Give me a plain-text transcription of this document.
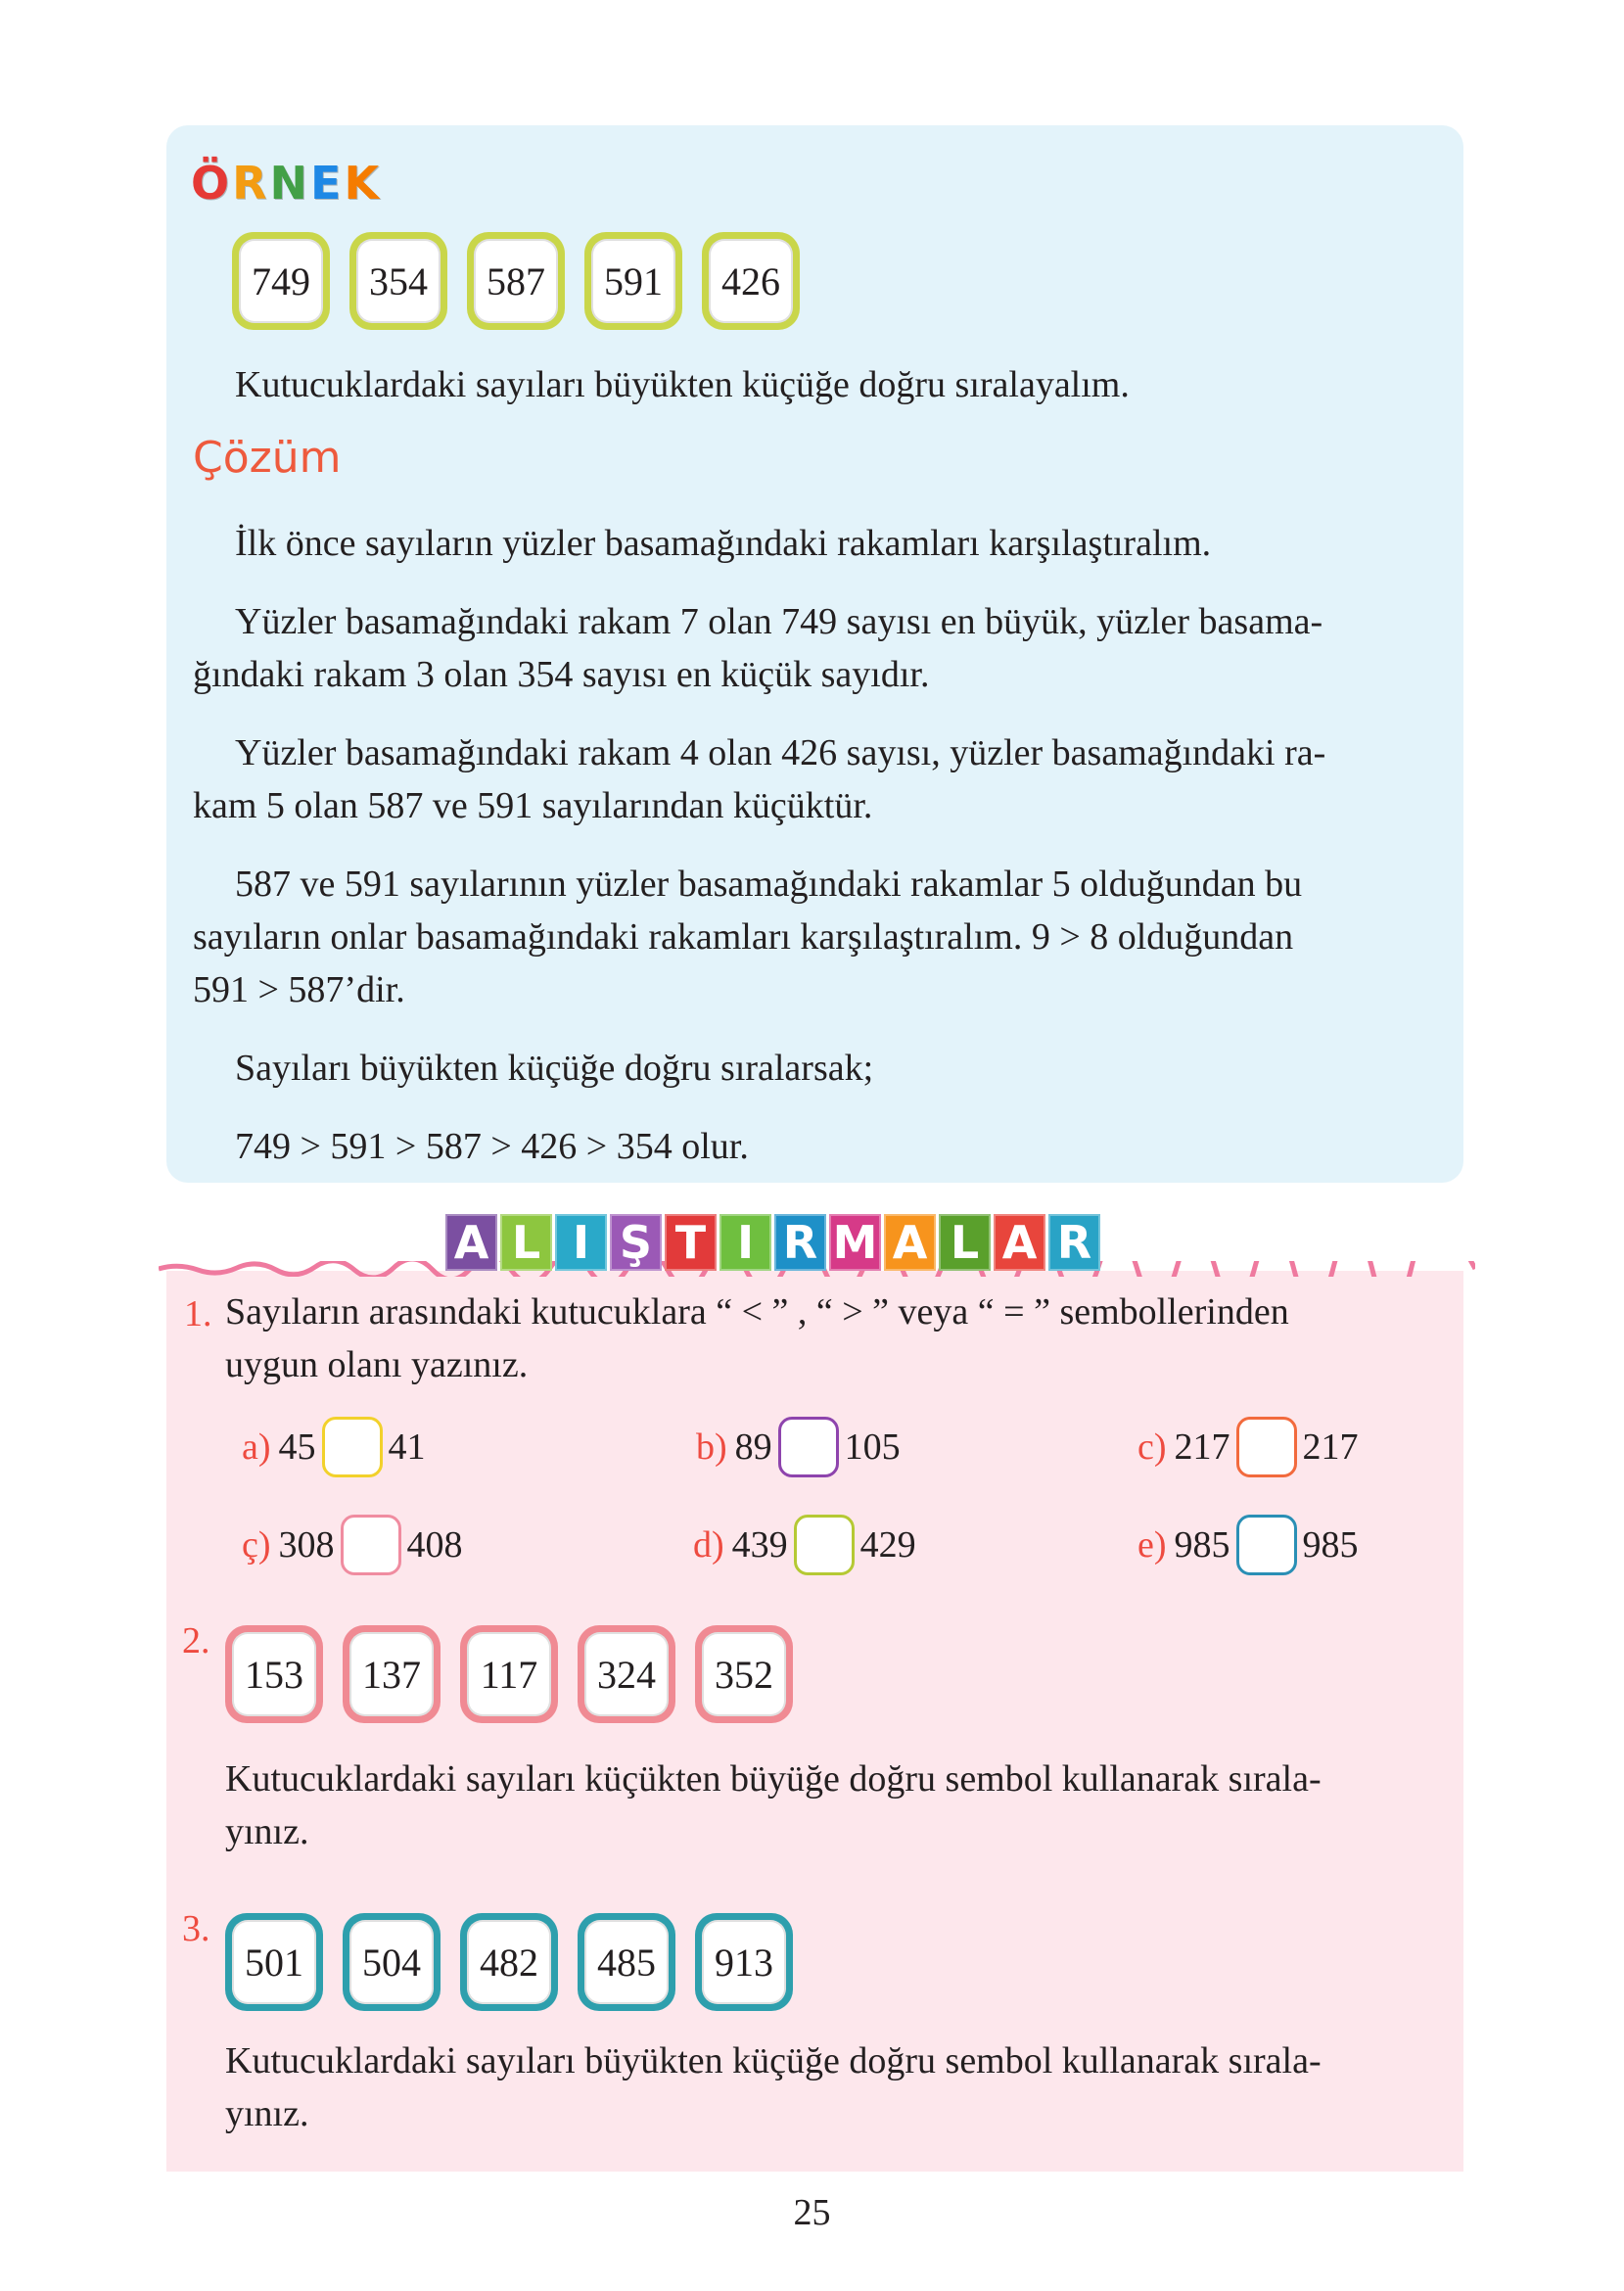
ÖRNEK
749	354	587	591	426
Kutucuklardaki sayıları büyükten küçüğe doğru sıralayalım.
Çözüm
İlk önce sayıların yüzler basamağındaki rakamları karşılaştıralım.
Yüzler basamağındaki rakam 7 olan 749 sayısı en büyük, yüzler basama-
ğındaki rakam 3 olan 354 sayısı en küçük sayıdır.
Yüzler basamağındaki rakam 4 olan 426 sayısı, yüzler basamağındaki ra-
kam 5 olan 587 ve 591 sayılarından küçüktür.
587 ve 591 sayılarının yüzler basamağındaki rakamlar 5 olduğundan bu
sayıların onlar basamağındaki rakamları karşılaştıralım. 9 > 8 olduğundan
591 > 587’dir.
Sayıları büyükten küçüğe doğru sıralarsak;
749 > 591 > 587 > 426 > 354 olur.
A L I Ş T I R M A L A R
1. Sayıların arasındaki kutucuklara “ < ” , “ > ” veya “ = ” sembollerinden
uygun olanı yazınız.
a) 45 41	b) 89 105	c) 217 217
ç) 308 408	d) 439 429	e) 985 985
2.
153	137	117	324	352
Kutucuklardaki sayıları küçükten büyüğe doğru sembol kullanarak sırala-
yınız.
3.
501	504	482	485	913
Kutucuklardaki sayıları büyükten küçüğe doğru sembol kullanarak sırala-
yınız.
25
